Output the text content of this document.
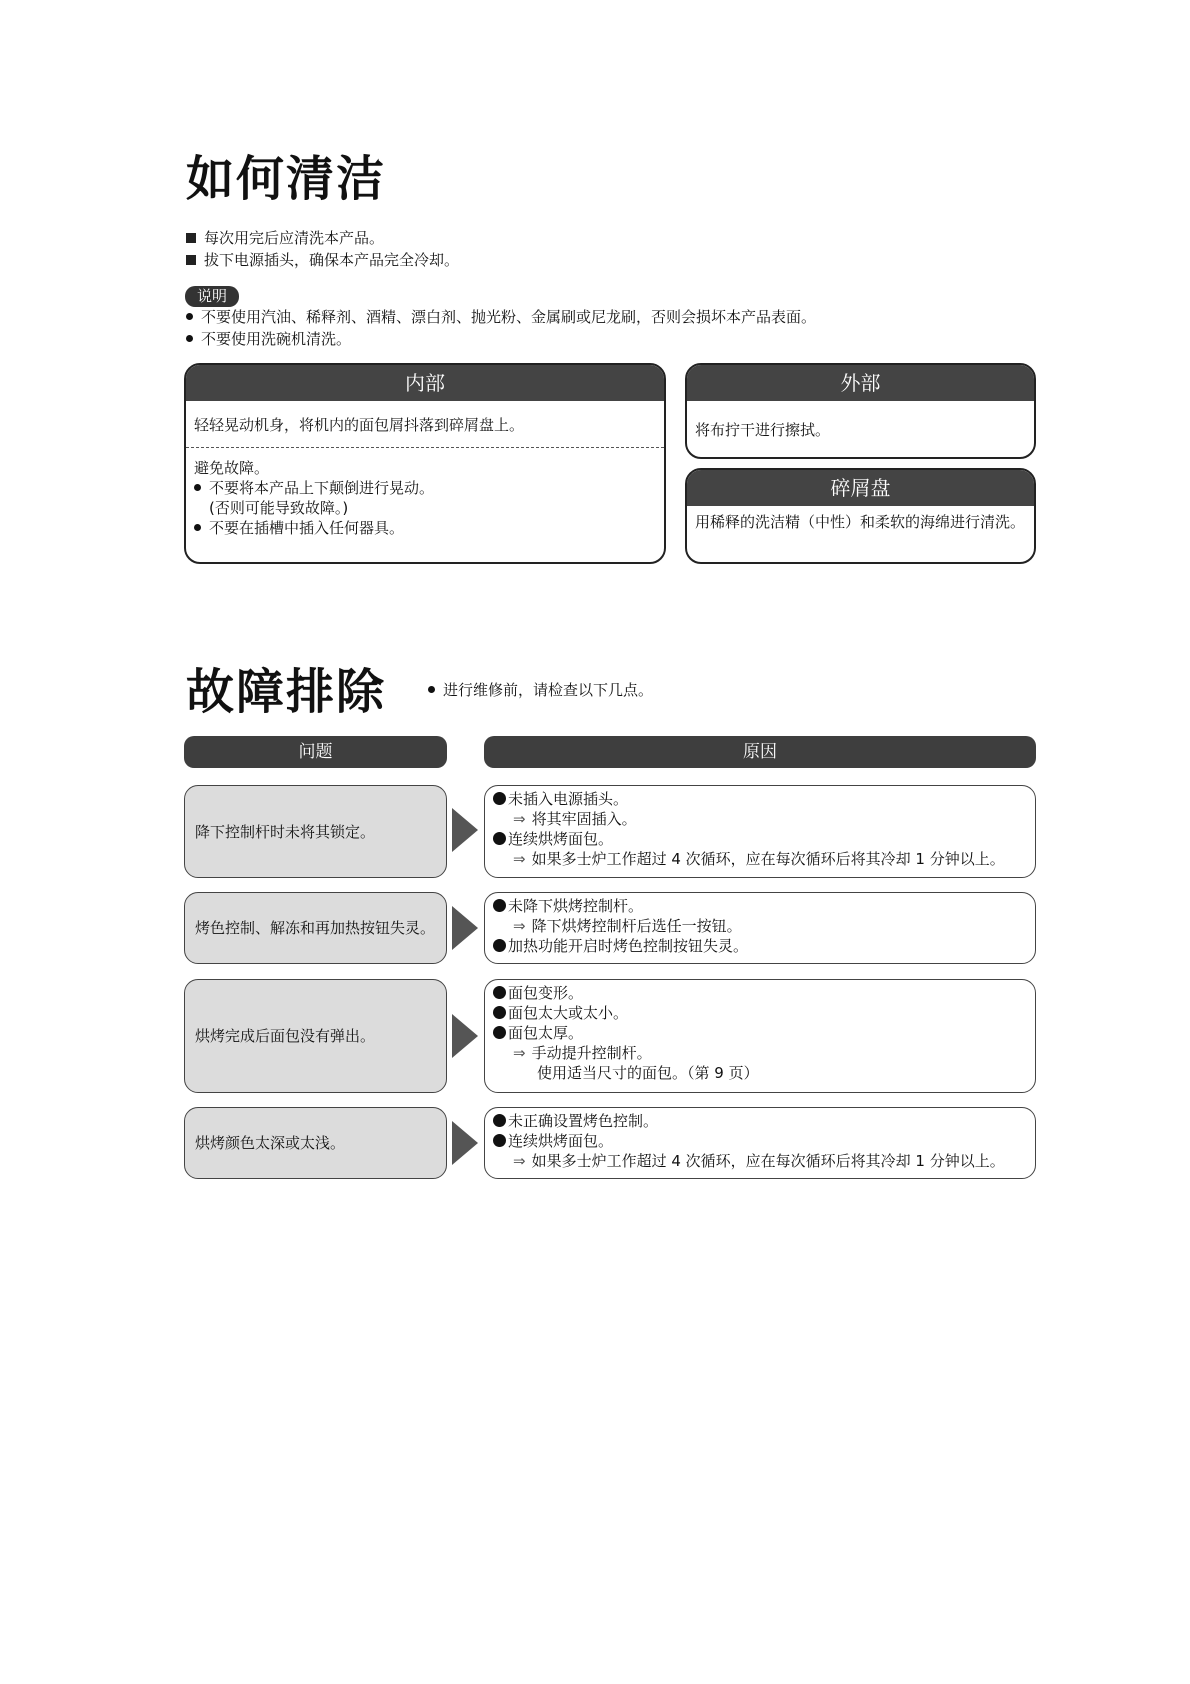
如何清洁
每次用完后应清洗本产品。
拔下电源插头，确保本产品完全冷却。
说明
不要使用汽油、稀释剂、酒精、漂白剂、抛光粉、金属刷或尼龙刷，否则会损坏本产品表面。
不要使用洗碗机清洗。
内部
轻轻晃动机身，将机内的面包屑抖落到碎屑盘上。
避免故障。
不要将本产品上下颠倒进行晃动。
(否则可能导致故障。)
不要在插槽中插入任何器具。
外部
将布拧干进行擦拭。
碎屑盘
用稀释的洗洁精（中性）和柔软的海绵进行清洗。
故障排除	进行维修前，请检查以下几点。
问题	原因
降下控制杆时未将其锁定。
未插入电源插头。
⇒ 将其牢固插入。
连续烘烤面包。
⇒ 如果多士炉工作超过 4 次循环，应在每次循环后将其冷却 1 分钟以上。
烤色控制、解冻和再加热按钮失灵。
未降下烘烤控制杆。
⇒ 降下烘烤控制杆后选任一按钮。
加热功能开启时烤色控制按钮失灵。
烘烤完成后面包没有弹出。
面包变形。
面包太大或太小。
面包太厚。
⇒ 手动提升控制杆。
使用适当尺寸的面包。（第 9 页）
烘烤颜色太深或太浅。
未正确设置烤色控制。
连续烘烤面包。
⇒ 如果多士炉工作超过 4 次循环，应在每次循环后将其冷却 1 分钟以上。
